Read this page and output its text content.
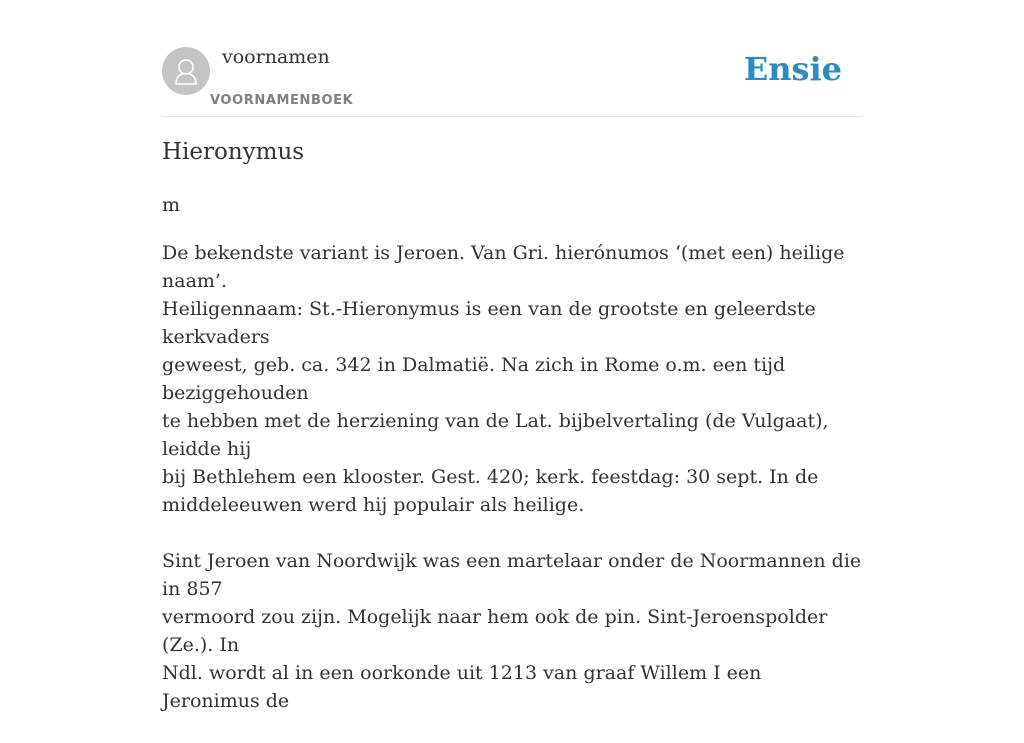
voornamen
VOORNAMENBOEK
Ensie
Hieronymus
m

De bekendste variant is Jeroen. Van Gri. hierónumos ‘(met een) heilige naam’.
Heiligennaam: St.-Hieronymus is een van de grootste en geleerdste kerkvaders
geweest, geb. ca. 342 in Dalmatië. Na zich in Rome o.m. een tijd beziggehouden
te hebben met de herziening van de Lat. bijbelvertaling (de Vulgaat), leidde hij
bij Bethlehem een klooster. Gest. 420; kerk. feestdag: 30 sept. In de
middeleeuwen werd hij populair als heilige.

Sint Jeroen van Noordwijk was een martelaar onder de Noormannen die in 857
vermoord zou zijn. Mogelijk naar hem ook de pin. Sint-Jeroenspolder (Ze.). In
Ndl. wordt al in een oorkonde uit 1213 van graaf Willem I een Jeronimus de
